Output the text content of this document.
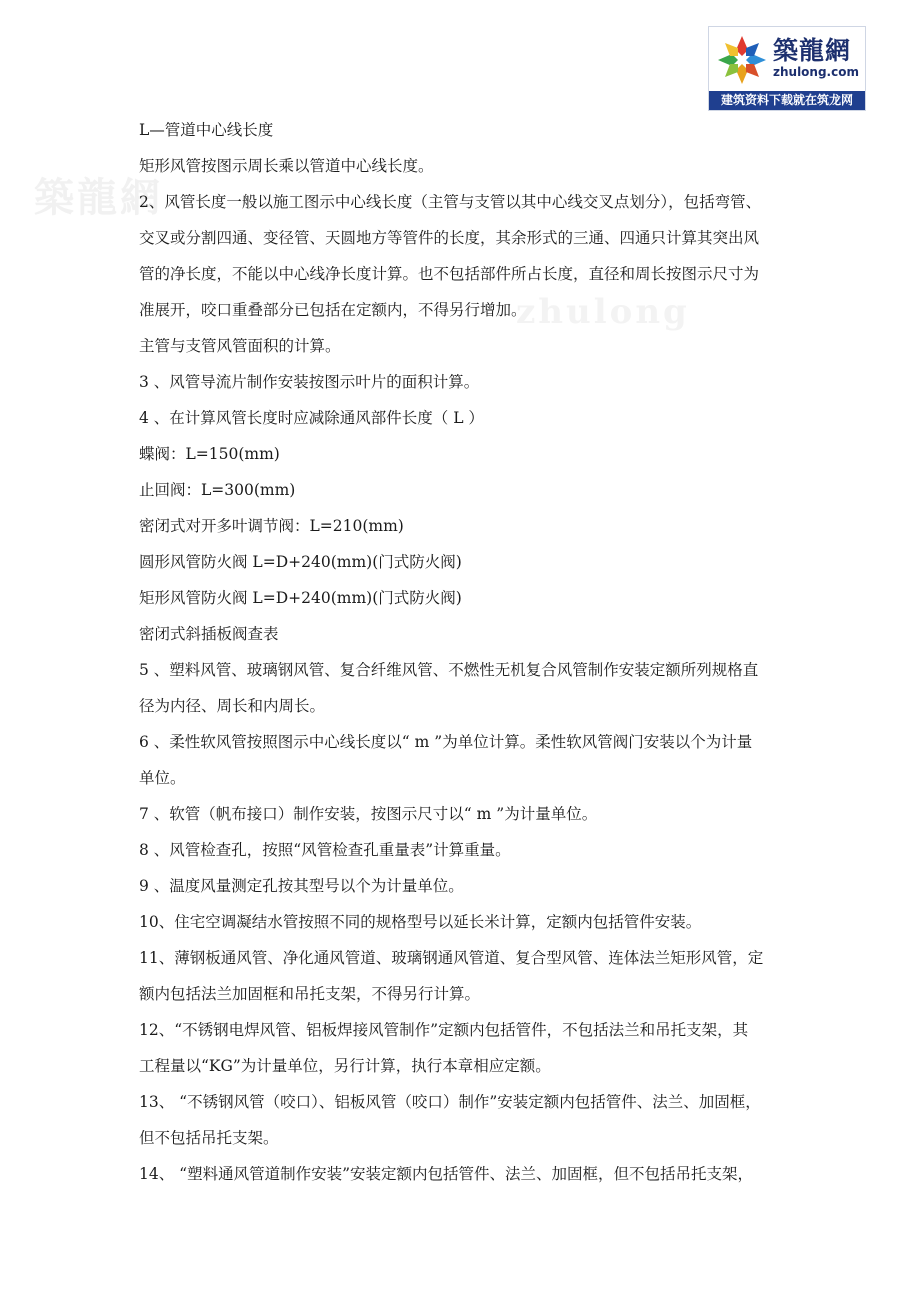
築龍網
zhulong
築龍網
zhulong.com
建筑资料下载就在筑龙网

L—管道中心线长度

矩形风管按图示周长乘以管道中心线长度。

2、风管长度一般以施工图示中心线长度（主管与支管以其中心线交叉点划分），包括弯管、

交叉或分割四通、变径管、天圆地方等管件的长度，其余形式的三通、四通只计算其突出风

管的净长度，不能以中心线净长度计算。也不包括部件所占长度，直径和周长按图示尺寸为

准展开，咬口重叠部分已包括在定额内，不得另行增加。

主管与支管风管面积的计算。

3 、风管导流片制作安装按图示叶片的面积计算。

4 、在计算风管长度时应减除通风部件长度（ L ）

蝶阀：L=150(mm)

止回阀：L=300(mm)

密闭式对开多叶调节阀：L=210(mm)

圆形风管防火阀 L=D+240(mm)(门式防火阀)

矩形风管防火阀 L=D+240(mm)(门式防火阀)

密闭式斜插板阀查表

5 、塑料风管、玻璃钢风管、复合纤维风管、不燃性无机复合风管制作安装定额所列规格直

径为内径、周长和内周长。

6 、柔性软风管按照图示中心线长度以“ m ”为单位计算。柔性软风管阀门安装以个为计量

单位。

7 、软管（帆布接口）制作安装，按图示尺寸以“ m ”为计量单位。

8 、风管检查孔，按照“风管检查孔重量表”计算重量。

9 、温度风量测定孔按其型号以个为计量单位。

10、住宅空调凝结水管按照不同的规格型号以延长米计算，定额内包括管件安装。

11、薄钢板通风管、净化通风管道、玻璃钢通风管道、复合型风管、连体法兰矩形风管，定

额内包括法兰加固框和吊托支架，不得另行计算。

12、“不锈钢电焊风管、铝板焊接风管制作”定额内包括管件，不包括法兰和吊托支架，其

工程量以“KG”为计量单位，另行计算，执行本章相应定额。

13、 “不锈钢风管（咬口）、铝板风管（咬口）制作”安装定额内包括管件、法兰、加固框，

但不包括吊托支架。

14、 “塑料通风管道制作安装”安装定额内包括管件、法兰、加固框，但不包括吊托支架，
